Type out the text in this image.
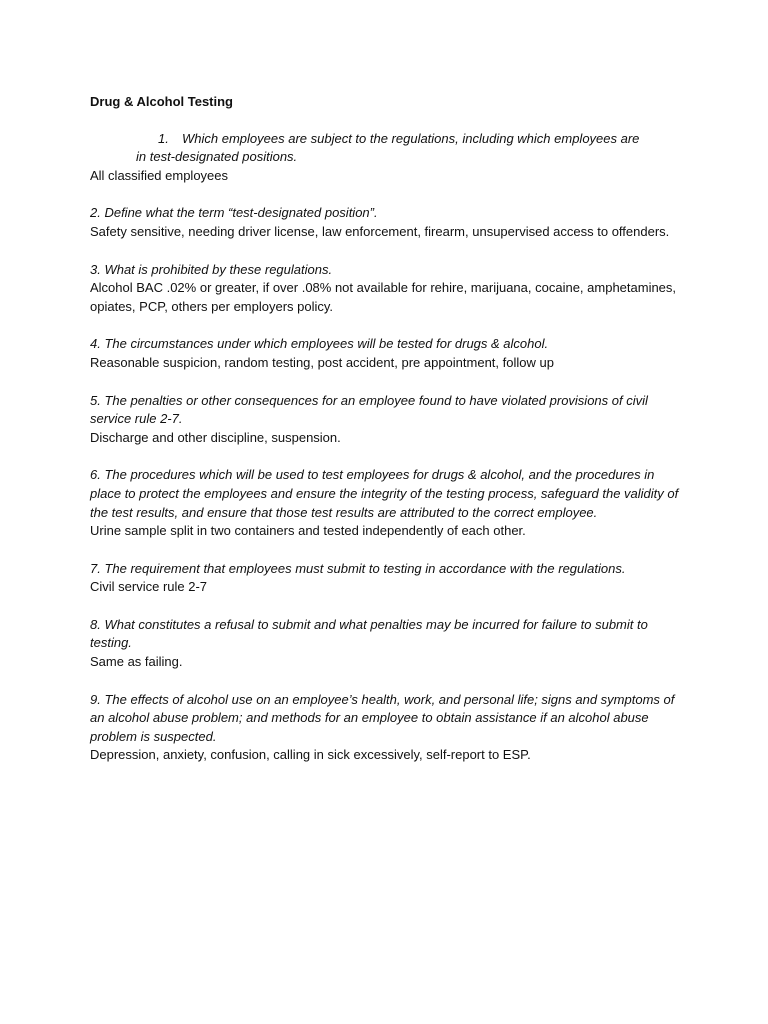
Drug & Alcohol Testing

1. Which employees are subject to the regulations, including which employees are

in test-designated positions.

All classified employees

2. Define what the term “test-designated position”.

Safety sensitive, needing driver license, law enforcement, firearm, unsupervised access to offenders.

3. What is prohibited by these regulations.

Alcohol BAC .02% or greater, if over .08% not available for rehire, marijuana, cocaine, amphetamines, opiates, PCP, others per employers policy.

4. The circumstances under which employees will be tested for drugs & alcohol.

Reasonable suspicion, random testing, post accident, pre appointment, follow up

5. The penalties or other consequences for an employee found to have violated provisions of civil service rule 2-7.

Discharge and other discipline, suspension.

6. The procedures which will be used to test employees for drugs & alcohol, and the procedures in place to protect the employees and ensure the integrity of the testing process, safeguard the validity of the test results, and ensure that those test results are attributed to the correct employee.

Urine sample split in two containers and tested independently of each other.

7. The requirement that employees must submit to testing in accordance with the regulations.

Civil service rule 2-7

8. What constitutes a refusal to submit and what penalties may be incurred for failure to submit to testing.

Same as failing.

9. The effects of alcohol use on an employee’s health, work, and personal life; signs and symptoms of an alcohol abuse problem; and methods for an employee to obtain assistance if an alcohol abuse problem is suspected.

Depression, anxiety, confusion, calling in sick excessively, self-report to ESP.
